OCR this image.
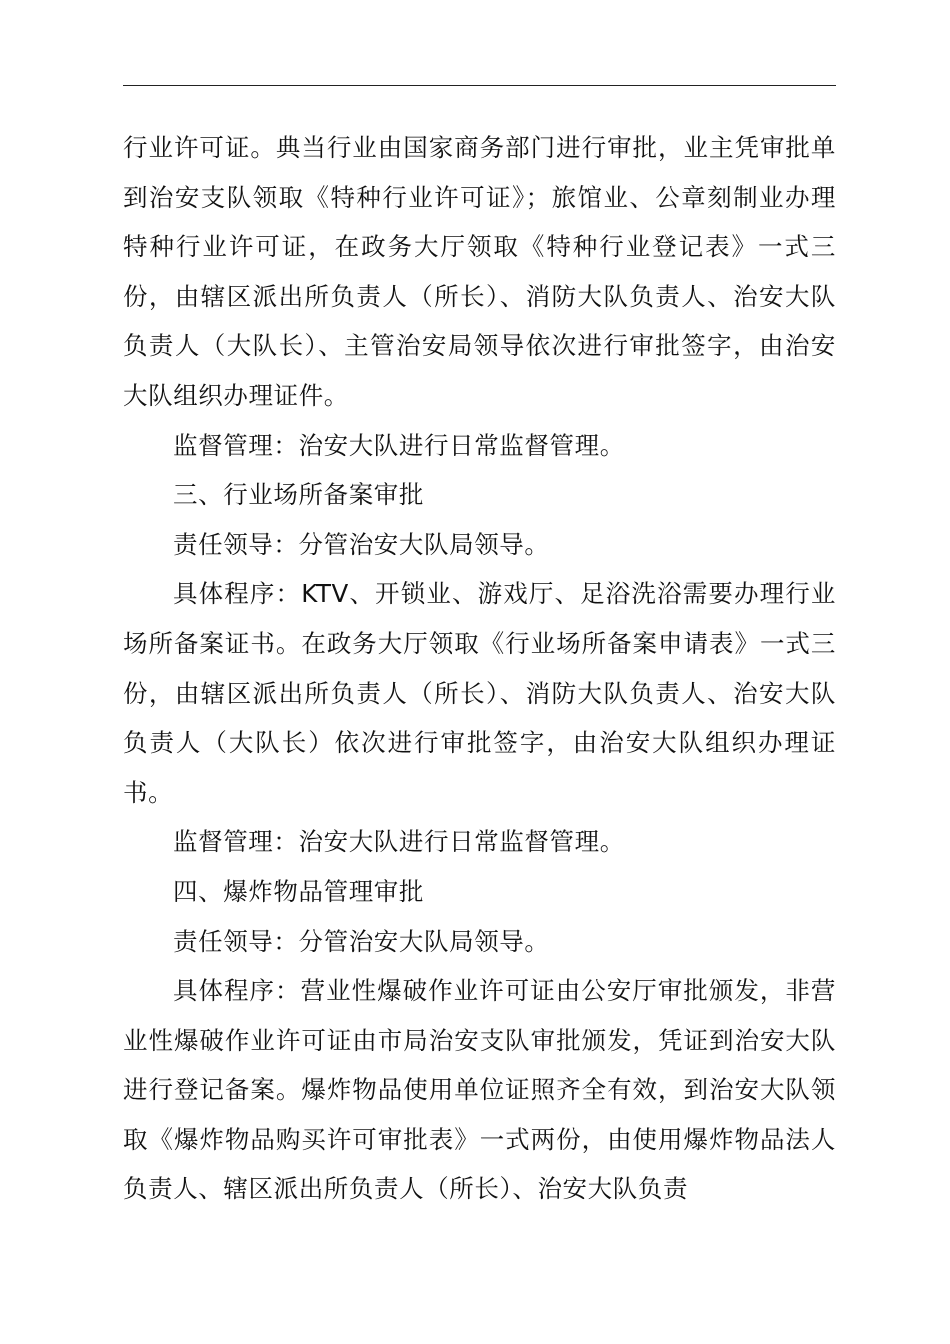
行业许可证。典当行业由国家商务部门进行审批，业主凭审批单到治安支队领取《特种行业许可证》；旅馆业、公章刻制业办理特种行业许可证，在政务大厅领取《特种行业登记表》一式三份，由辖区派出所负责人（所长）、消防大队负责人、治安大队负责人（大队长）、主管治安局领导依次进行审批签字，由治安大队组织办理证件。

监督管理：治安大队进行日常监督管理。

三、行业场所备案审批

责任领导：分管治安大队局领导。

具体程序：KTV、开锁业、游戏厅、足浴洗浴需要办理行业场所备案证书。在政务大厅领取《行业场所备案申请表》一式三份，由辖区派出所负责人（所长）、消防大队负责人、治安大队负责人（大队长）依次进行审批签字，由治安大队组织办理证书。

监督管理：治安大队进行日常监督管理。

四、爆炸物品管理审批

责任领导：分管治安大队局领导。

具体程序：营业性爆破作业许可证由公安厅审批颁发，非营业性爆破作业许可证由市局治安支队审批颁发，凭证到治安大队进行登记备案。爆炸物品使用单位证照齐全有效，到治安大队领取《爆炸物品购买许可审批表》一式两份，由使用爆炸物品法人负责人、辖区派出所负责人（所长）、治安大队负责
